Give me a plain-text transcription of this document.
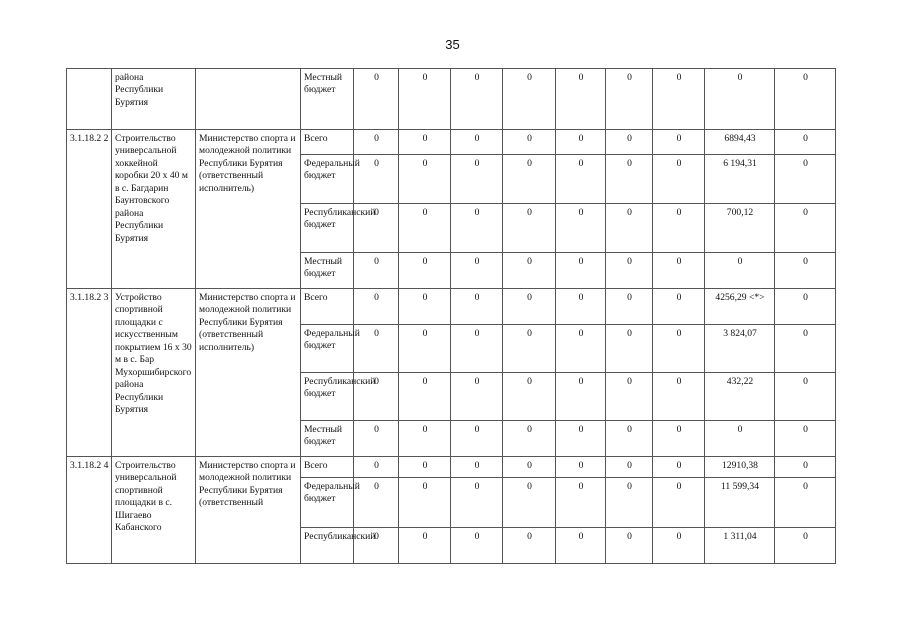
35
	района Республики Бурятия		Местный бюджет	0	0	0	0	0	0	0	0	0
3.1.18.2 2	Строительство универсальной хоккейной коробки 20 х 40 м в с. Багдарин Баунтовского района Республики Бурятия	Министерство спорта и молодежной политики Республики Бурятия (ответственный исполнитель)	Всего	0	0	0	0	0	0	0	6894,43	0
			Федеральный бюджет	0	0	0	0	0	0	0	6 194,31	0
			Республиканский бюджет	0	0	0	0	0	0	0	700,12	0
			Местный бюджет	0	0	0	0	0	0	0	0	0
3.1.18.2 3	Устройство спортивной площадки с искусственным покрытием 16 х 30 м в с. Бар Мухоршибирского района Республики Бурятия	Министерство спорта и молодежной политики Республики Бурятия (ответственный исполнитель)	Всего	0	0	0	0	0	0	0	4256,29 <*>	0
			Федеральный бюджет	0	0	0	0	0	0	0	3 824,07	0
			Республиканский бюджет	0	0	0	0	0	0	0	432,22	0
			Местный бюджет	0	0	0	0	0	0	0	0	0
3.1.18.2 4	Строительство универсальной спортивной площадки в с. Шигаево Кабанского	Министерство спорта и молодежной политики Республики Бурятия (ответственный	Всего	0	0	0	0	0	0	0	12910,38	0
			Федеральный бюджет	0	0	0	0	0	0	0	11 599,34	0
			Республиканский	0	0	0	0	0	0	0	1 311,04	0
